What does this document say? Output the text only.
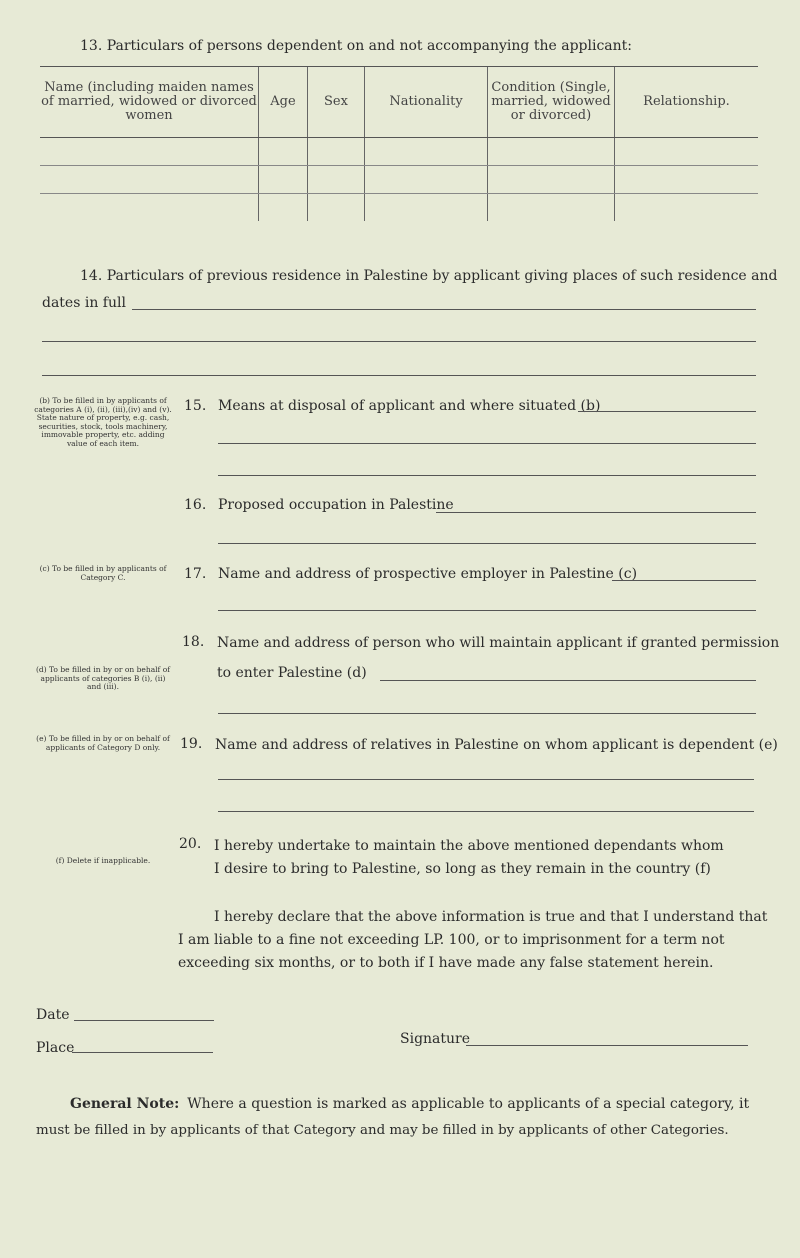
13. Particulars of persons dependent on and not accompanying the applicant:
Name (including maiden names of married, widowed or divorced women	Age	Sex	Nationality	Condition (Single, married, widowed or divorced)	Relationship.

14. Particulars of previous residence in Palestine by applicant giving places of such residence and
dates in full
(b) To be filled in by applicants of categories A (i), (ii), (iii),(iv) and (v). State nature of property, e.g. cash, securities, stock, tools machinery, immovable property, etc. adding value of each item.
15. Means at disposal of applicant and where situated (b)
16. Proposed occupation in Palestine
(c) To be filled in by applicants of Category C.	17. Name and address of prospective employer in Palestine (c)
18. Name and address of person who will maintain applicant if granted permission
(d) To be filled in by or on behalf of applicants of categories B (i), (ii) and (iii).
to enter Palestine (d)
(e) To be filled in by or on behalf of applicants of Category D only.	19. Name and address of relatives in Palestine on whom applicant is dependent (e)
20. I hereby undertake to maintain the above mentioned dependants whom
(f) Delete if inapplicable.
I desire to bring to Palestine, so long as they remain in the country (f)
I hereby declare that the above information is true and that I understand that
I am liable to a fine not exceeding LP. 100, or to imprisonment for a term not
exceeding six months, or to both if I have made any false statement herein.
Date
Place
Signature
General Note: Where a question is marked as applicable to applicants of a special category, it
must be filled in by applicants of that Category and may be filled in by applicants of other Categories.
